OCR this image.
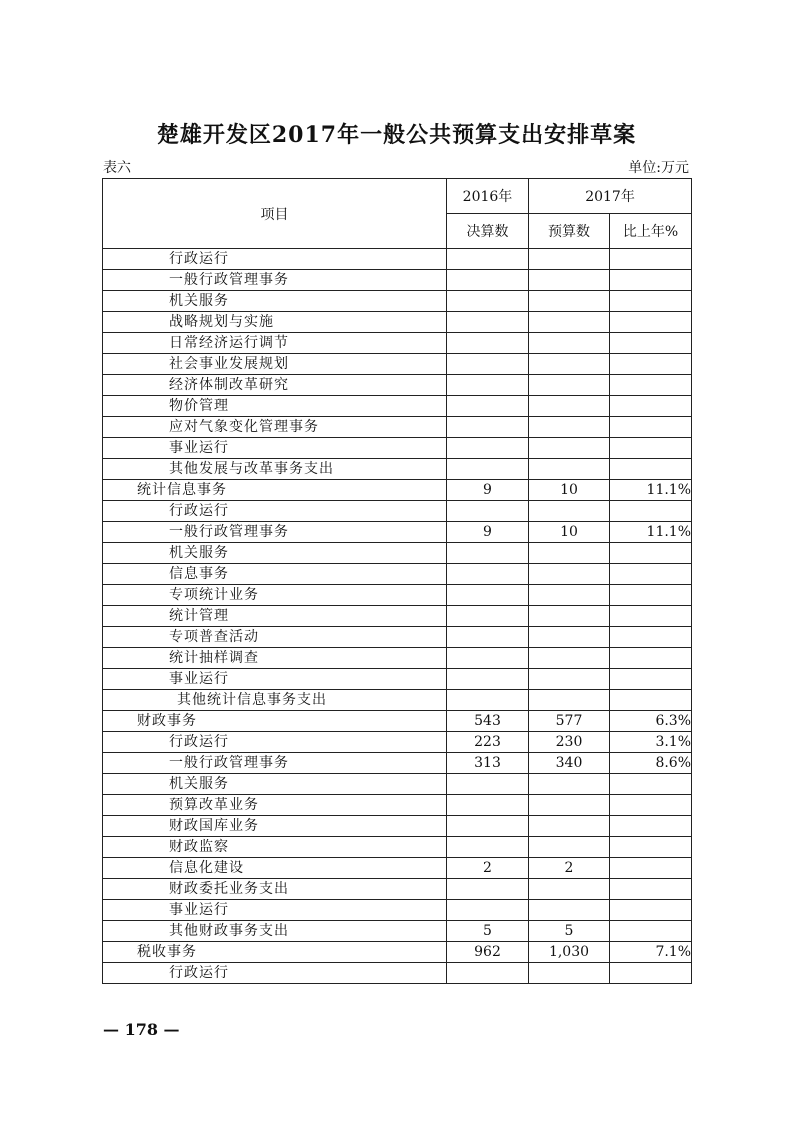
楚雄开发区2017年一般公共预算支出安排草案
表六	单位:万元
项目	2016年	2017年	
	决算数	预算数	比上年%
行政运行			
一般行政管理事务			
机关服务			
战略规划与实施			
日常经济运行调节			
社会事业发展规划			
经济体制改革研究			
物价管理			
应对气象变化管理事务			
事业运行			
其他发展与改革事务支出			
统计信息事务	9	10	11.1%
行政运行			
一般行政管理事务	9	10	11.1%
机关服务			
信息事务			
专项统计业务			
统计管理			
专项普查活动			
统计抽样调查			
事业运行			
其他统计信息事务支出			
财政事务	543	577	6.3%
行政运行	223	230	3.1%
一般行政管理事务	313	340	8.6%
机关服务			
预算改革业务			
财政国库业务			
财政监察			
信息化建设	2	2	
财政委托业务支出			
事业运行			
其他财政事务支出	5	5	
税收事务	962	1,030	7.1%
行政运行			
— 178 —
